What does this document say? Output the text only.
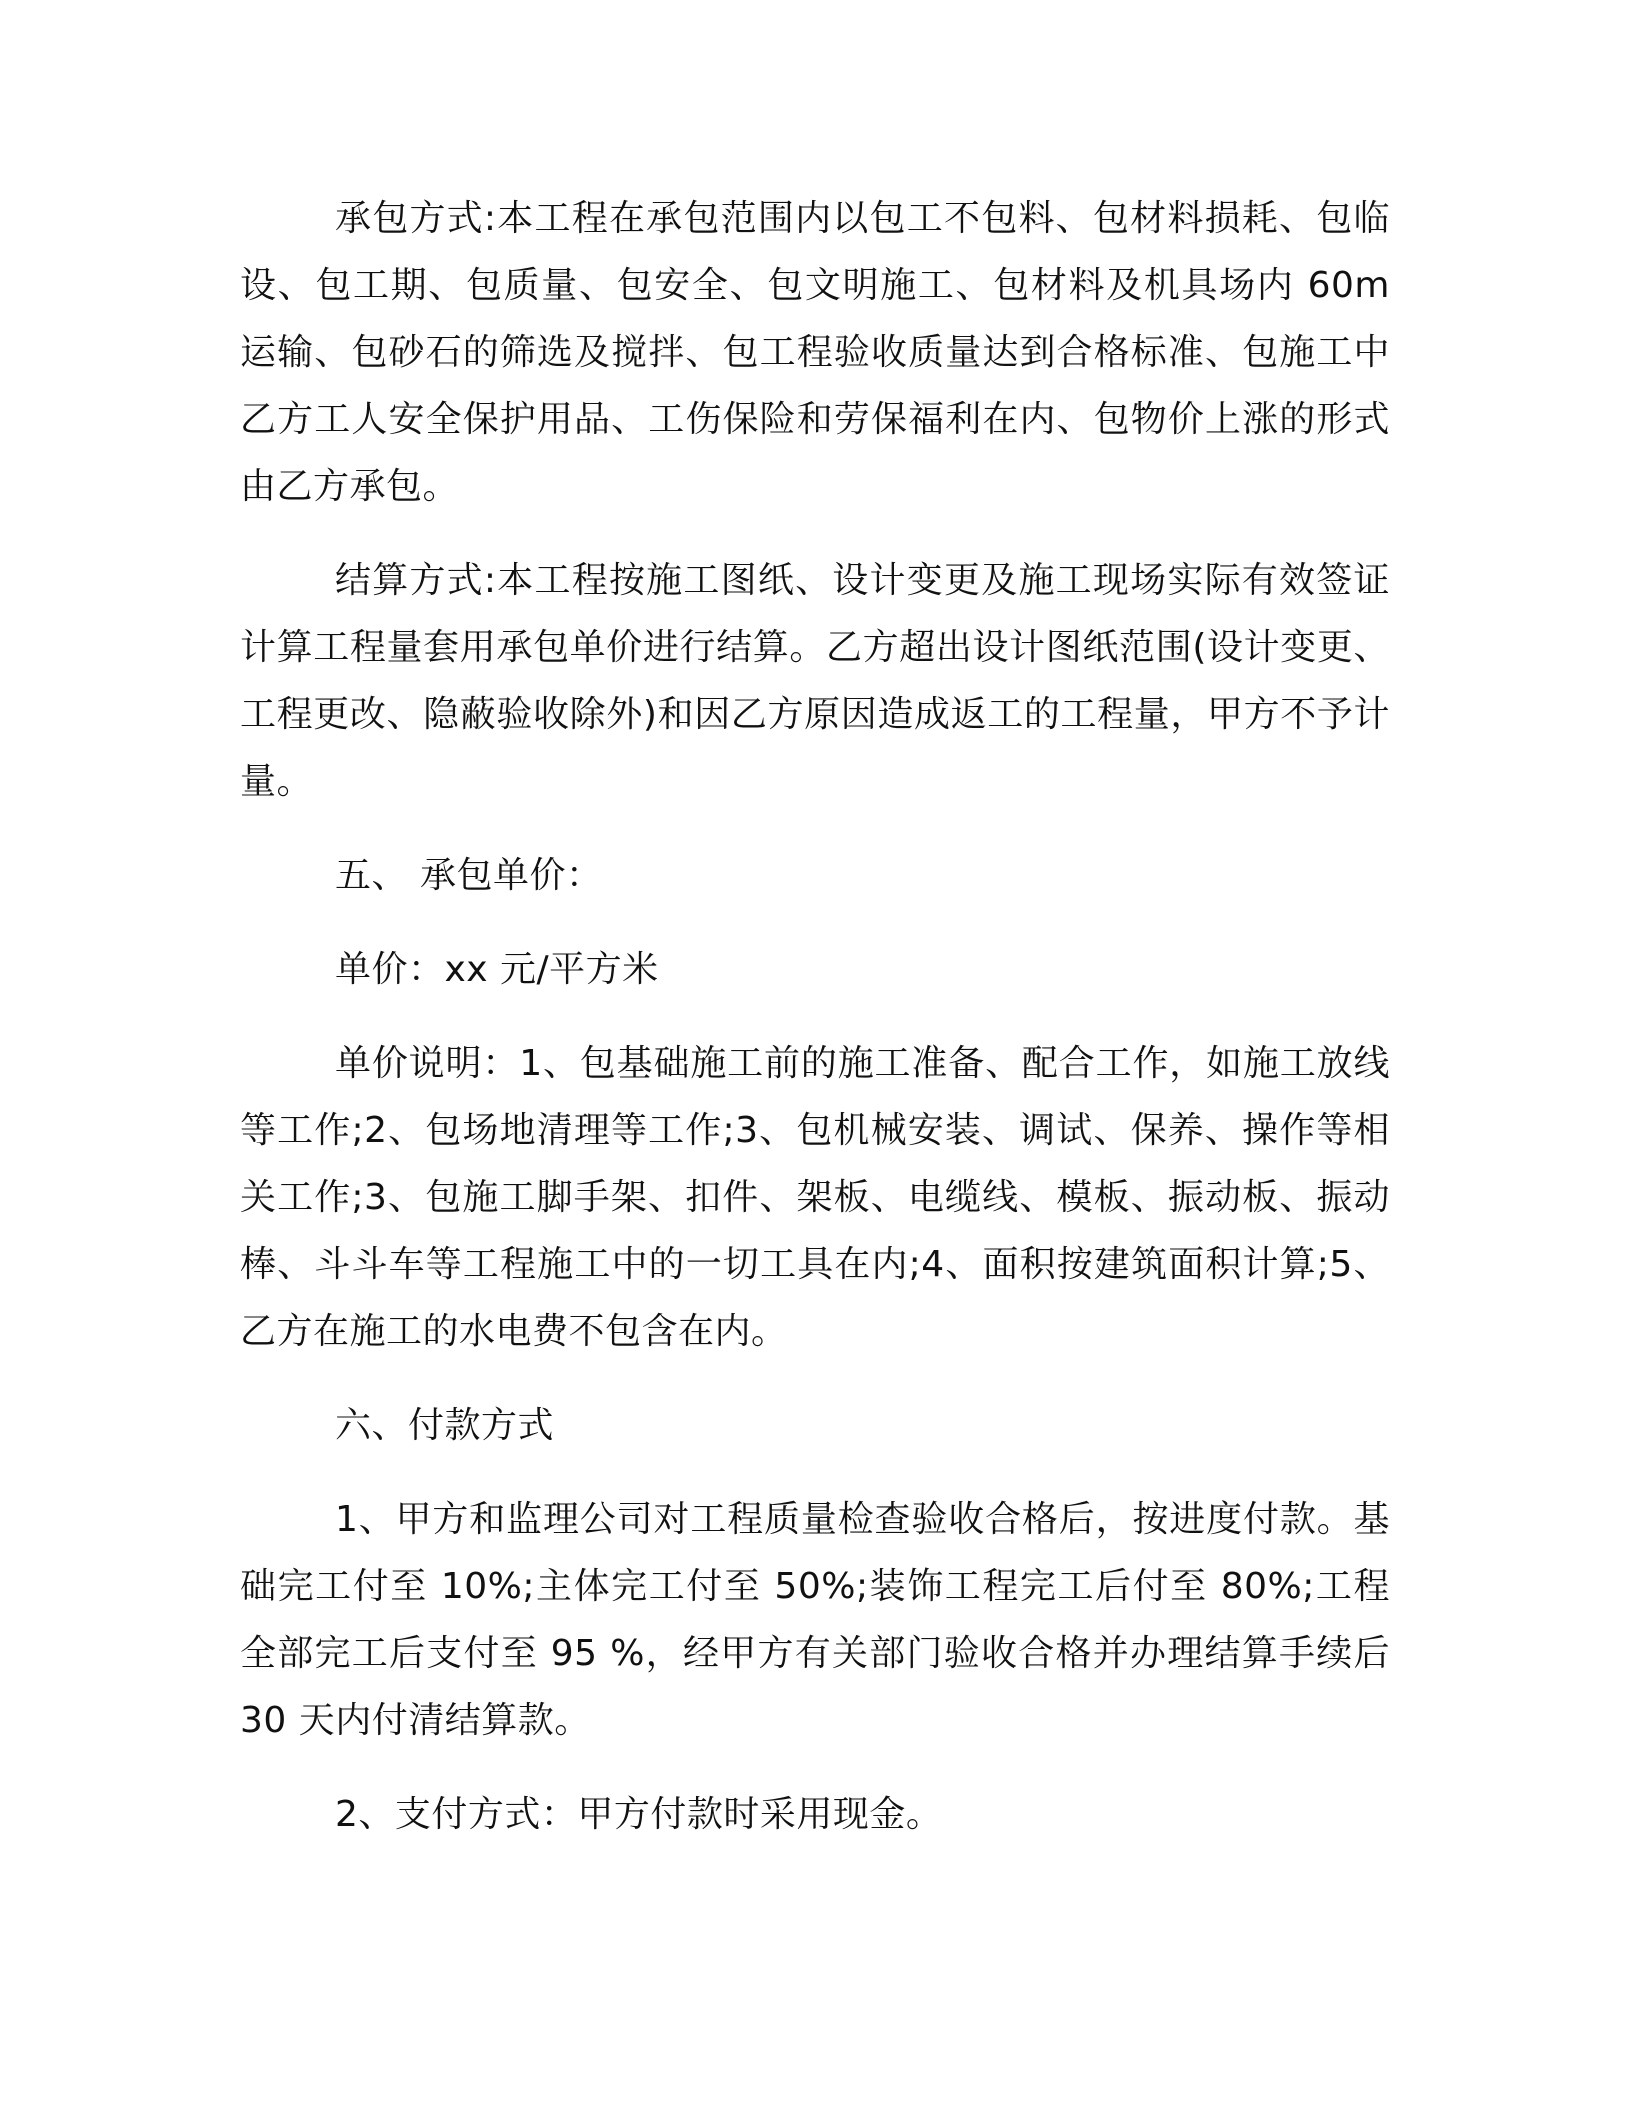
承包方式:本工程在承包范围内以包工不包料、包材料损耗、包临设、包工期、包质量、包安全、包文明施工、包材料及机具场内 60m 运输、包砂石的筛选及搅拌、包工程验收质量达到合格标准、包施工中乙方工人安全保护用品、工伤保险和劳保福利在内、包物价上涨的形式由乙方承包。

结算方式:本工程按施工图纸、设计变更及施工现场实际有效签证计算工程量套用承包单价进行结算。乙方超出设计图纸范围(设计变更、工程更改、隐蔽验收除外)和因乙方原因造成返工的工程量，甲方不予计量。

五、 承包单价：

单价：xx 元/平方米

单价说明：1、包基础施工前的施工准备、配合工作，如施工放线等工作;2、包场地清理等工作;3、包机械安装、调试、保养、操作等相关工作;3、包施工脚手架、扣件、架板、电缆线、模板、振动板、振动棒、斗斗车等工程施工中的一切工具在内;4、面积按建筑面积计算;5、乙方在施工的水电费不包含在内。

六、付款方式

1、甲方和监理公司对工程质量检查验收合格后，按进度付款。基础完工付至 10%;主体完工付至 50%;装饰工程完工后付至 80%;工程全部完工后支付至 95 %，经甲方有关部门验收合格并办理结算手续后 30 天内付清结算款。

2、支付方式：甲方付款时采用现金。
